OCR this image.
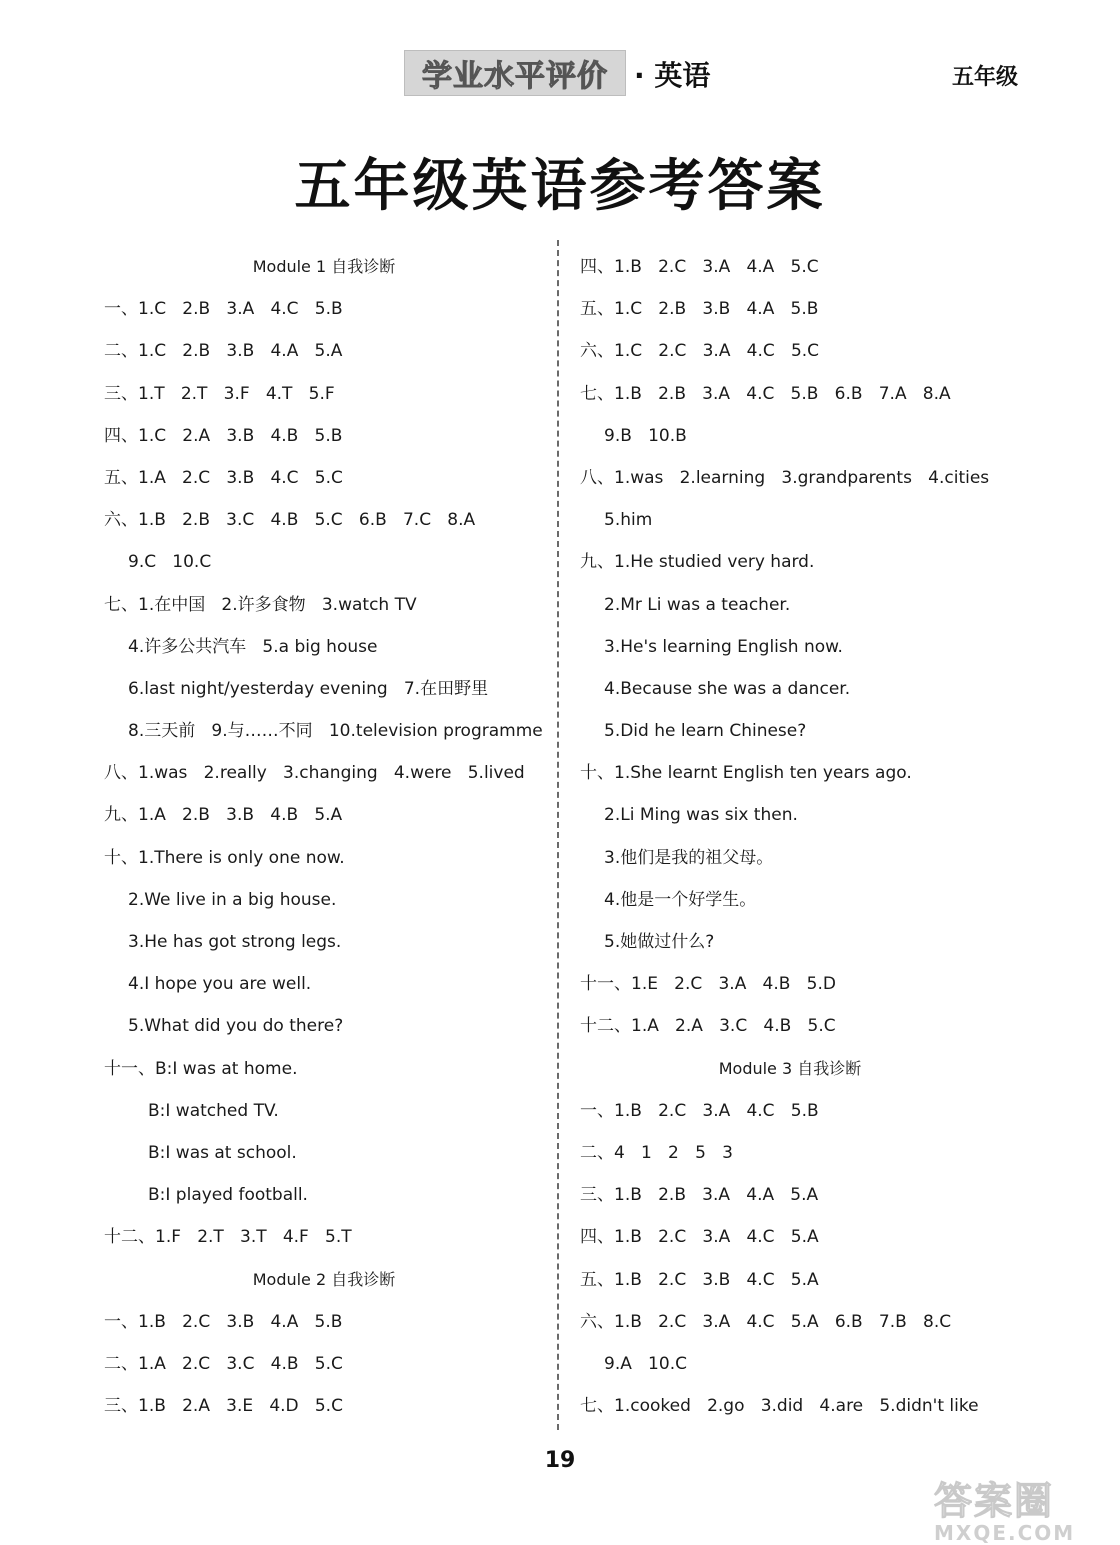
学业水平评价 · 英语	五年级
五年级英语参考答案
Module 1 自我诊断
一、1.C   2.B   3.A   4.C   5.B
二、1.C   2.B   3.B   4.A   5.A
三、1.T   2.T   3.F   4.T   5.F
四、1.C   2.A   3.B   4.B   5.B
五、1.A   2.C   3.B   4.C   5.C
六、1.B   2.B   3.C   4.B   5.C   6.B   7.C   8.A
9.C   10.C
七、1.在中国   2.许多食物   3.watch TV
4.许多公共汽车   5.a big house
6.last night/yesterday evening   7.在田野里
8.三天前   9.与……不同   10.television programme
八、1.was   2.really   3.changing   4.were   5.lived
九、1.A   2.B   3.B   4.B   5.A
十、1.There is only one now.
2.We live in a big house.
3.He has got strong legs.
4.I hope you are well.
5.What did you do there?
十一、B:I was at home.
B:I watched TV.
B:I was at school.
B:I played football.
十二、1.F   2.T   3.T   4.F   5.T
Module 2 自我诊断
一、1.B   2.C   3.B   4.A   5.B
二、1.A   2.C   3.C   4.B   5.C
三、1.B   2.A   3.E   4.D   5.C
四、1.B   2.C   3.A   4.A   5.C
五、1.C   2.B   3.B   4.A   5.B
六、1.C   2.C   3.A   4.C   5.C
七、1.B   2.B   3.A   4.C   5.B   6.B   7.A   8.A
9.B   10.B
八、1.was   2.learning   3.grandparents   4.cities
5.him
九、1.He studied very hard.
2.Mr Li was a teacher.
3.He's learning English now.
4.Because she was a dancer.
5.Did he learn Chinese?
十、1.She learnt English ten years ago.
2.Li Ming was six then.
3.他们是我的祖父母。
4.他是一个好学生。
5.她做过什么?
十一、1.E   2.C   3.A   4.B   5.D
十二、1.A   2.A   3.C   4.B   5.C
Module 3 自我诊断
一、1.B   2.C   3.A   4.C   5.B
二、4   1   2   5   3
三、1.B   2.B   3.A   4.A   5.A
四、1.B   2.C   3.A   4.C   5.A
五、1.B   2.C   3.B   4.C   5.A
六、1.B   2.C   3.A   4.C   5.A   6.B   7.B   8.C
9.A   10.C
七、1.cooked   2.go   3.did   4.are   5.didn't like
19
答案圈
MXQE.COM
